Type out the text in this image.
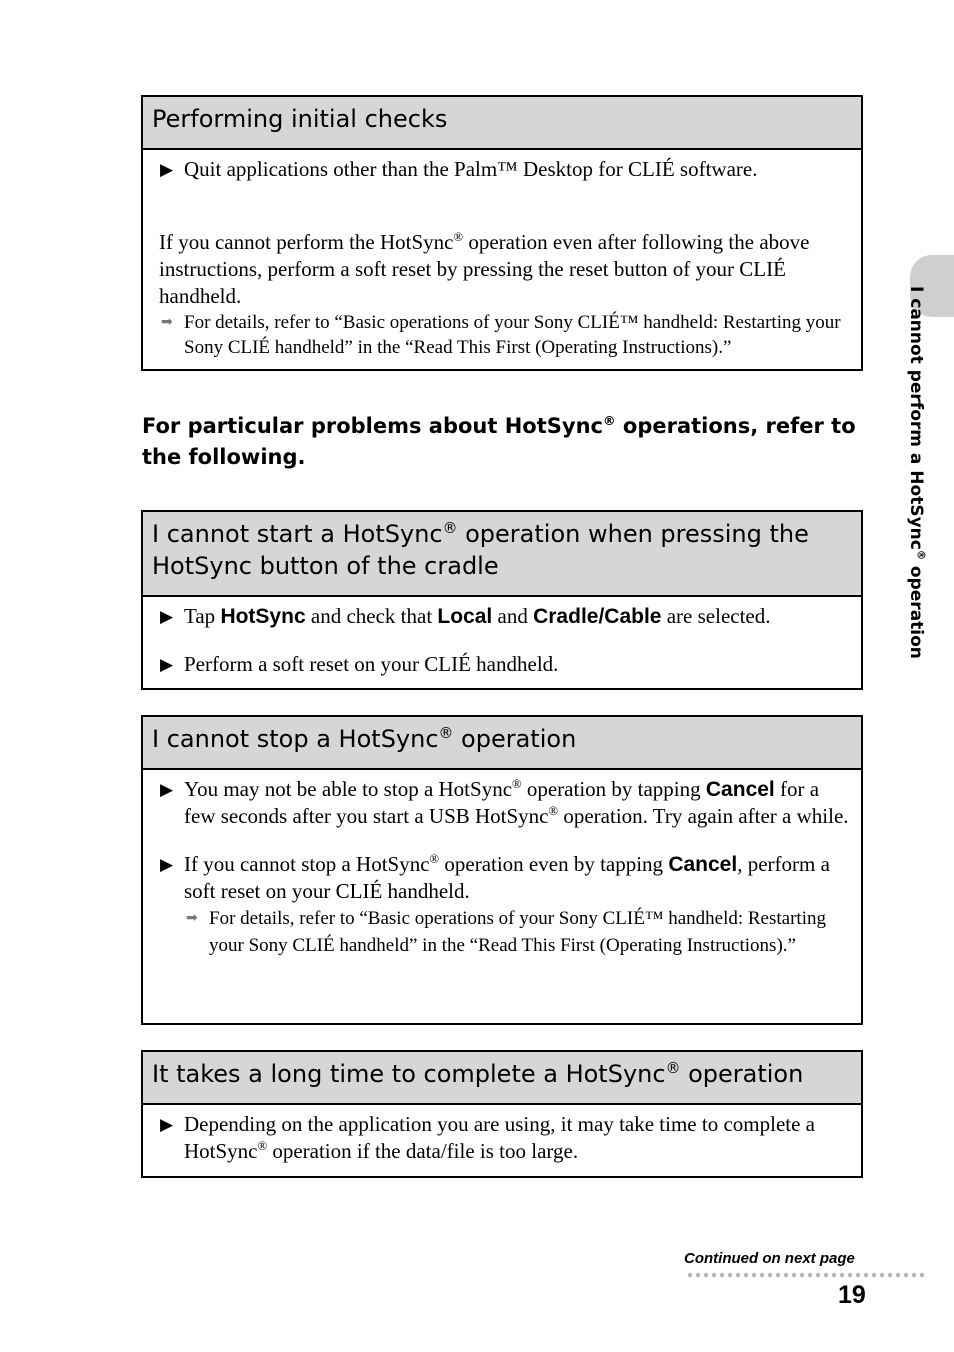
I cannot perform a HotSync® operation
Performing initial checks

▶ Quit applications other than the Palm™ Desktop for CLIÉ software.

If you cannot perform the HotSync® operation even after following the above instructions, perform a soft reset by pressing the reset button of your CLIÉ handheld.

➡ For details, refer to “Basic operations of your Sony CLIÉ™ handheld: Restarting your Sony CLIÉ handheld” in the “Read This First (Operating Instructions).”

For particular problems about HotSync® operations, refer to the following.
I cannot start a HotSync® operation when pressing the HotSync button of the cradle

▶ Tap HotSync and check that Local and Cradle/Cable are selected.

▶ Perform a soft reset on your CLIÉ handheld.

I cannot stop a HotSync® operation

▶ You may not be able to stop a HotSync® operation by tapping Cancel for a few seconds after you start a USB HotSync® operation. Try again after a while.

▶ If you cannot stop a HotSync® operation even by tapping Cancel, perform a soft reset on your CLIÉ handheld.

➡ For details, refer to “Basic operations of your Sony CLIÉ™ handheld: Restarting your Sony CLIÉ handheld” in the “Read This First (Operating Instructions).”

It takes a long time to complete a HotSync® operation

▶ Depending on the application you are using, it may take time to complete a HotSync® operation if the data/file is too large.

Continued on next page
19
